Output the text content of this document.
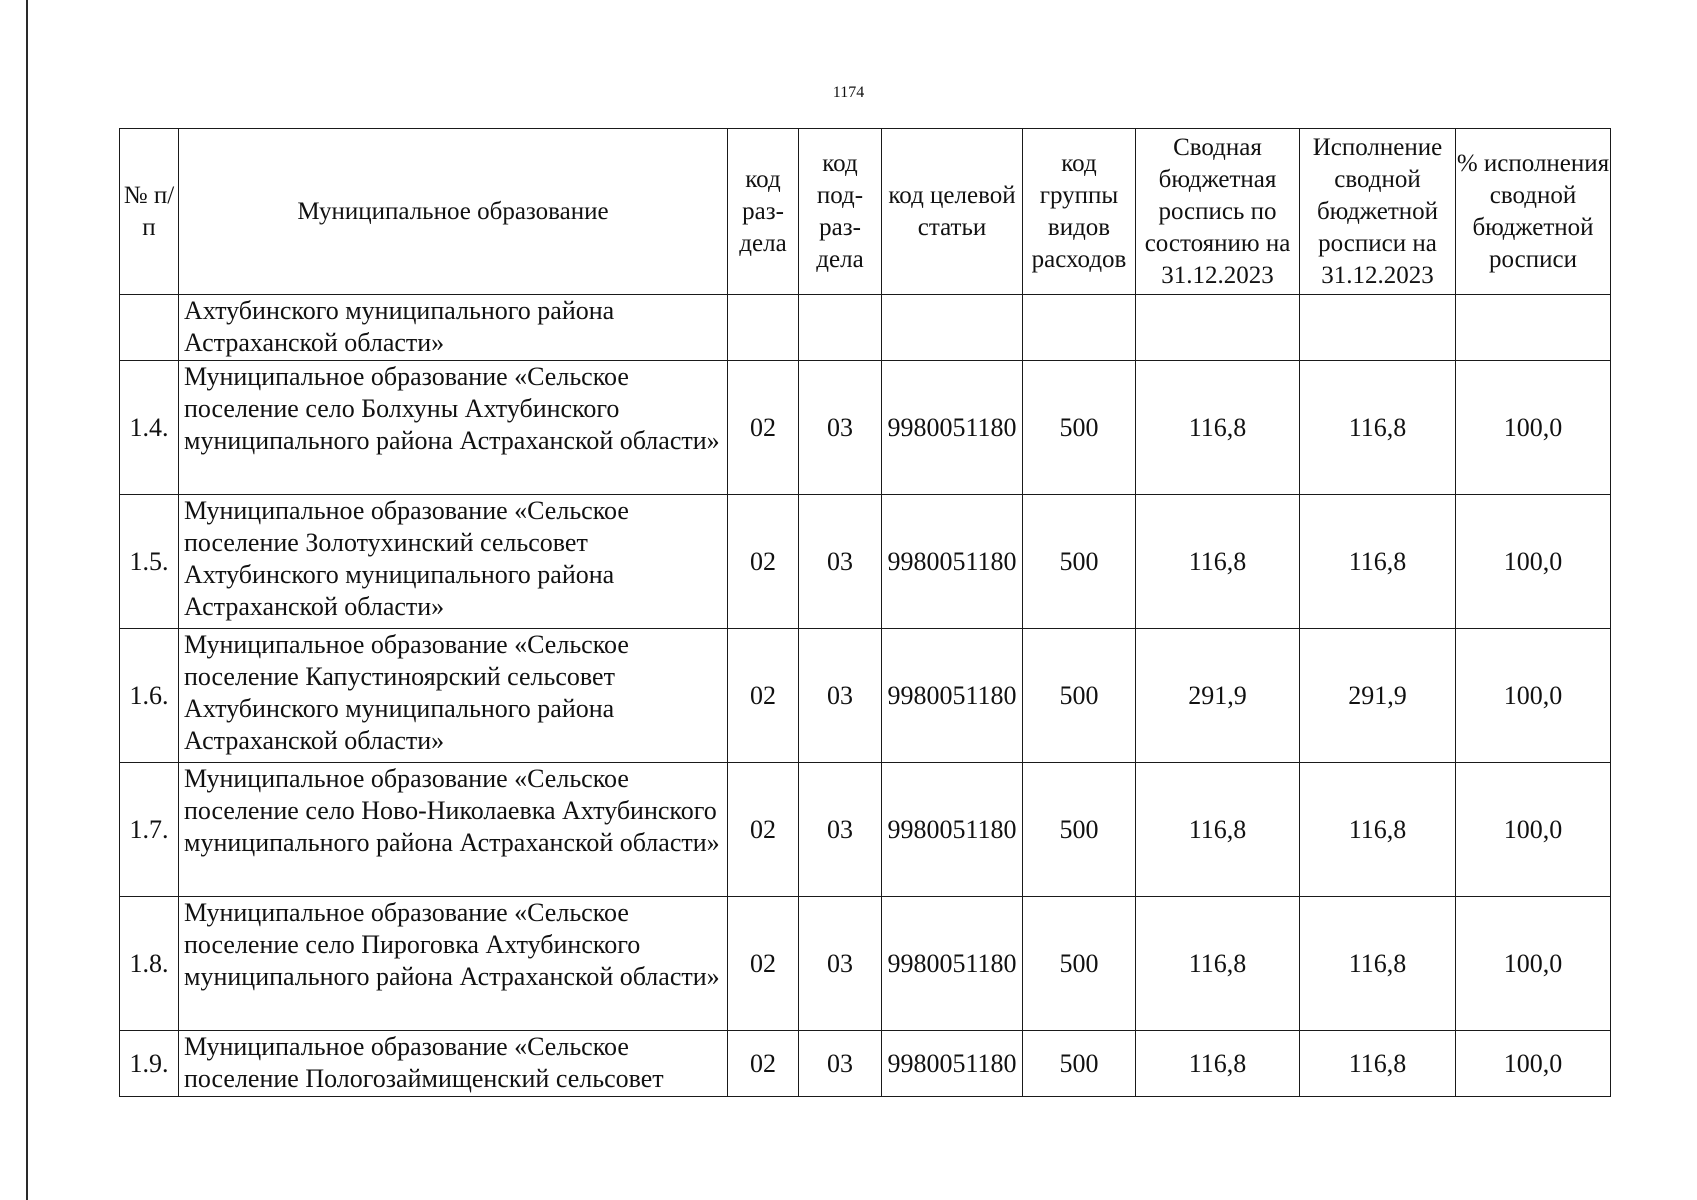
1174
№ п/п	Муниципальное образование	код раз- дела	код под- раз- дела	код целевой статьи	код группы видов расходов	Сводная бюджетная роспись по состоянию на 31.12.2023	Исполнение сводной бюджетной росписи на 31.12.2023	% исполнения сводной бюджетной росписи
	Ахтубинского муниципального района Астраханской области»							
1.4.	Муниципальное образование «Сельское поселение село Болхуны Ахтубинского муниципального района Астраханской области»	02	03	9980051180	500	116,8	116,8	100,0
1.5.	Муниципальное образование «Сельское поселение Золотухинский сельсовет Ахтубинского муниципального района Астраханской области»	02	03	9980051180	500	116,8	116,8	100,0
1.6.	Муниципальное образование «Сельское поселение Капустиноярский сельсовет Ахтубинского муниципального района Астраханской области»	02	03	9980051180	500	291,9	291,9	100,0
1.7.	Муниципальное образование «Сельское поселение село Ново-Николаевка Ахтубинского муниципального района Астраханской области»	02	03	9980051180	500	116,8	116,8	100,0
1.8.	Муниципальное образование «Сельское поселение село Пироговка Ахтубинского муниципального района Астраханской области»	02	03	9980051180	500	116,8	116,8	100,0
1.9.	Муниципальное образование «Сельское поселение Пологозаймищенский сельсовет	02	03	9980051180	500	116,8	116,8	100,0
